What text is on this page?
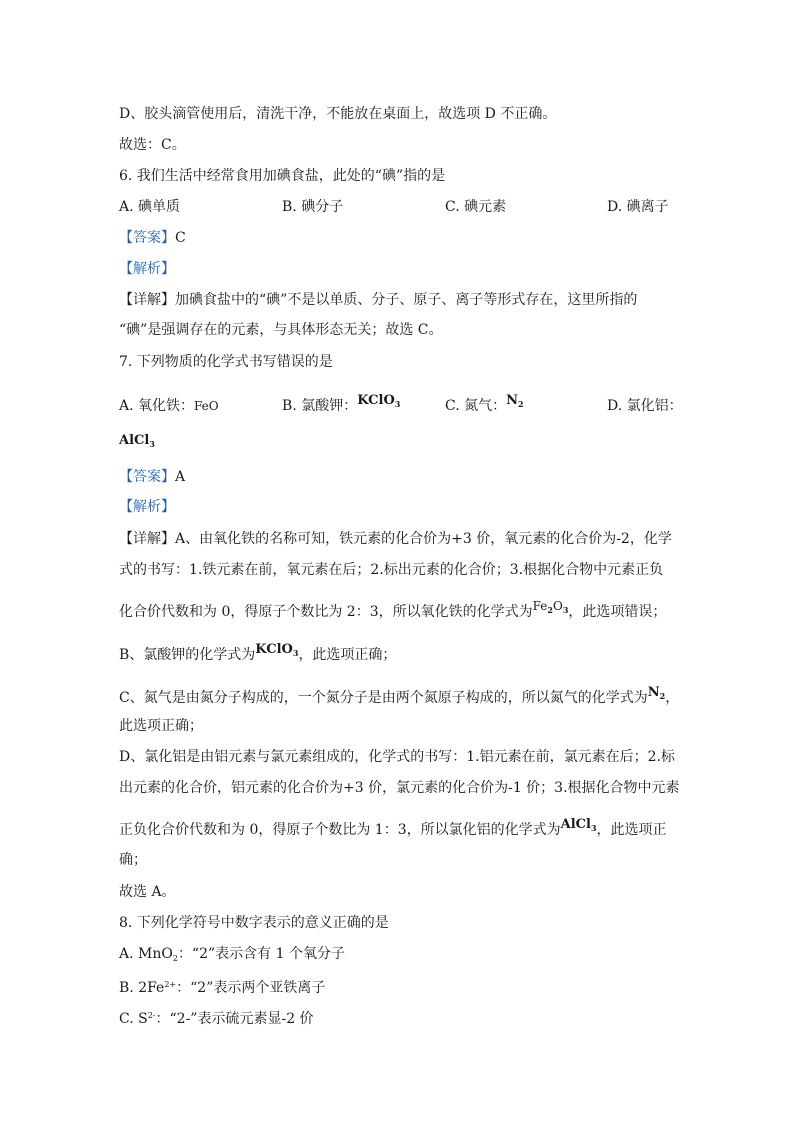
D、胶头滴管使用后，清洗干净，不能放在桌面上，故选项 D 不正确。
故选：C。
6. 我们生活中经常食用加碘食盐，此处的“碘”指的是
A. 碘单质	B. 碘分子	C. 碘元素	D. 碘离子
【答案】C
【解析】
【详解】加碘食盐中的“碘”不是以单质、分子、原子、离子等形式存在，这里所指的
“碘”是强调存在的元素，与具体形态无关；故选 C。
7. 下列物质的化学式书写错误的是
A. 氧化铁：FeO	B. 氯酸钾：KClO$_3$	C. 氮气：$N_2$	D. 氯化铝：
AlCl$_3$
【答案】A
【解析】
【详解】A、由氧化铁的名称可知，铁元素的化合价为+3 价，氧元素的化合价为-2，化学
式的书写：1.铁元素在前，氧元素在后；2.标出元素的化合价；3.根据化合物中元素正负
化合价代数和为 0，得原子个数比为 2：3，所以氧化铁的化学式为$Fe_2O_3$，此选项错误；
B、氯酸钾的化学式为KClO$_3$，此选项正确；
C、氮气是由氮分子构成的，一个氮分子是由两个氮原子构成的，所以氮气的化学式为$N_2$，
此选项正确；
D、氯化铝是由铝元素与氯元素组成的，化学式的书写：1.铝元素在前，氯元素在后；2.标
出元素的化合价，铝元素的化合价为+3 价，氯元素的化合价为-1 价；3.根据化合物中元素
正负化合价代数和为 0，得原子个数比为 1：3，所以氯化铝的化学式为AlCl$_3$，此选项正
确；
故选 A。
8. 下列化学符号中数字表示的意义正确的是
A. MnO$_2$：“2”表示含有 1 个氧分子
B. $2Fe^{2+}$：“2”表示两个亚铁离子
C. $S^{2-}$：“2-”表示硫元素显-2 价
